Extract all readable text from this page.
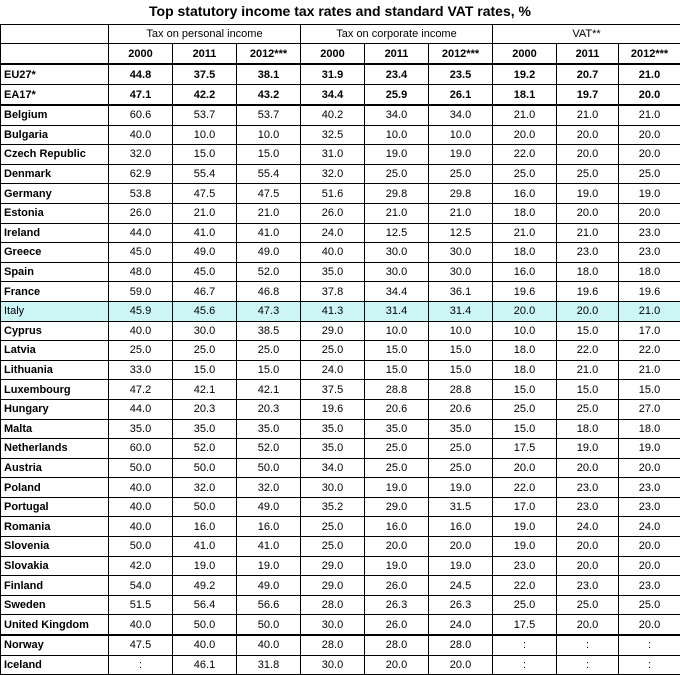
Top statutory income tax rates and standard VAT rates, %
	Tax on personal income			Tax on corporate income			VAT**		
	2000	2011	2012***	2000	2011	2012***	2000	2011	2012***
EU27*	44.8	37.5	38.1	31.9	23.4	23.5	19.2	20.7	21.0
EA17*	47.1	42.2	43.2	34.4	25.9	26.1	18.1	19.7	20.0
Belgium	60.6	53.7	53.7	40.2	34.0	34.0	21.0	21.0	21.0
Bulgaria	40.0	10.0	10.0	32.5	10.0	10.0	20.0	20.0	20.0
Czech Republic	32.0	15.0	15.0	31.0	19.0	19.0	22.0	20.0	20.0
Denmark	62.9	55.4	55.4	32.0	25.0	25.0	25.0	25.0	25.0
Germany	53.8	47.5	47.5	51.6	29.8	29.8	16.0	19.0	19.0
Estonia	26.0	21.0	21.0	26.0	21.0	21.0	18.0	20.0	20.0
Ireland	44.0	41.0	41.0	24.0	12.5	12.5	21.0	21.0	23.0
Greece	45.0	49.0	49.0	40.0	30.0	30.0	18.0	23.0	23.0
Spain	48.0	45.0	52.0	35.0	30.0	30.0	16.0	18.0	18.0
France	59.0	46.7	46.8	37.8	34.4	36.1	19.6	19.6	19.6
Italy	45.9	45.6	47.3	41.3	31.4	31.4	20.0	20.0	21.0
Cyprus	40.0	30.0	38.5	29.0	10.0	10.0	10.0	15.0	17.0
Latvia	25.0	25.0	25.0	25.0	15.0	15.0	18.0	22.0	22.0
Lithuania	33.0	15.0	15.0	24.0	15.0	15.0	18.0	21.0	21.0
Luxembourg	47.2	42.1	42.1	37.5	28.8	28.8	15.0	15.0	15.0
Hungary	44.0	20.3	20.3	19.6	20.6	20.6	25.0	25.0	27.0
Malta	35.0	35.0	35.0	35.0	35.0	35.0	15.0	18.0	18.0
Netherlands	60.0	52.0	52.0	35.0	25.0	25.0	17.5	19.0	19.0
Austria	50.0	50.0	50.0	34.0	25.0	25.0	20.0	20.0	20.0
Poland	40.0	32.0	32.0	30.0	19.0	19.0	22.0	23.0	23.0
Portugal	40.0	50.0	49.0	35.2	29.0	31.5	17.0	23.0	23.0
Romania	40.0	16.0	16.0	25.0	16.0	16.0	19.0	24.0	24.0
Slovenia	50.0	41.0	41.0	25.0	20.0	20.0	19.0	20.0	20.0
Slovakia	42.0	19.0	19.0	29.0	19.0	19.0	23.0	20.0	20.0
Finland	54.0	49.2	49.0	29.0	26.0	24.5	22.0	23.0	23.0
Sweden	51.5	56.4	56.6	28.0	26.3	26.3	25.0	25.0	25.0
United Kingdom	40.0	50.0	50.0	30.0	26.0	24.0	17.5	20.0	20.0
Norway	47.5	40.0	40.0	28.0	28.0	28.0	:	:	:
Iceland	:	46.1	31.8	30.0	20.0	20.0	:	:	:
